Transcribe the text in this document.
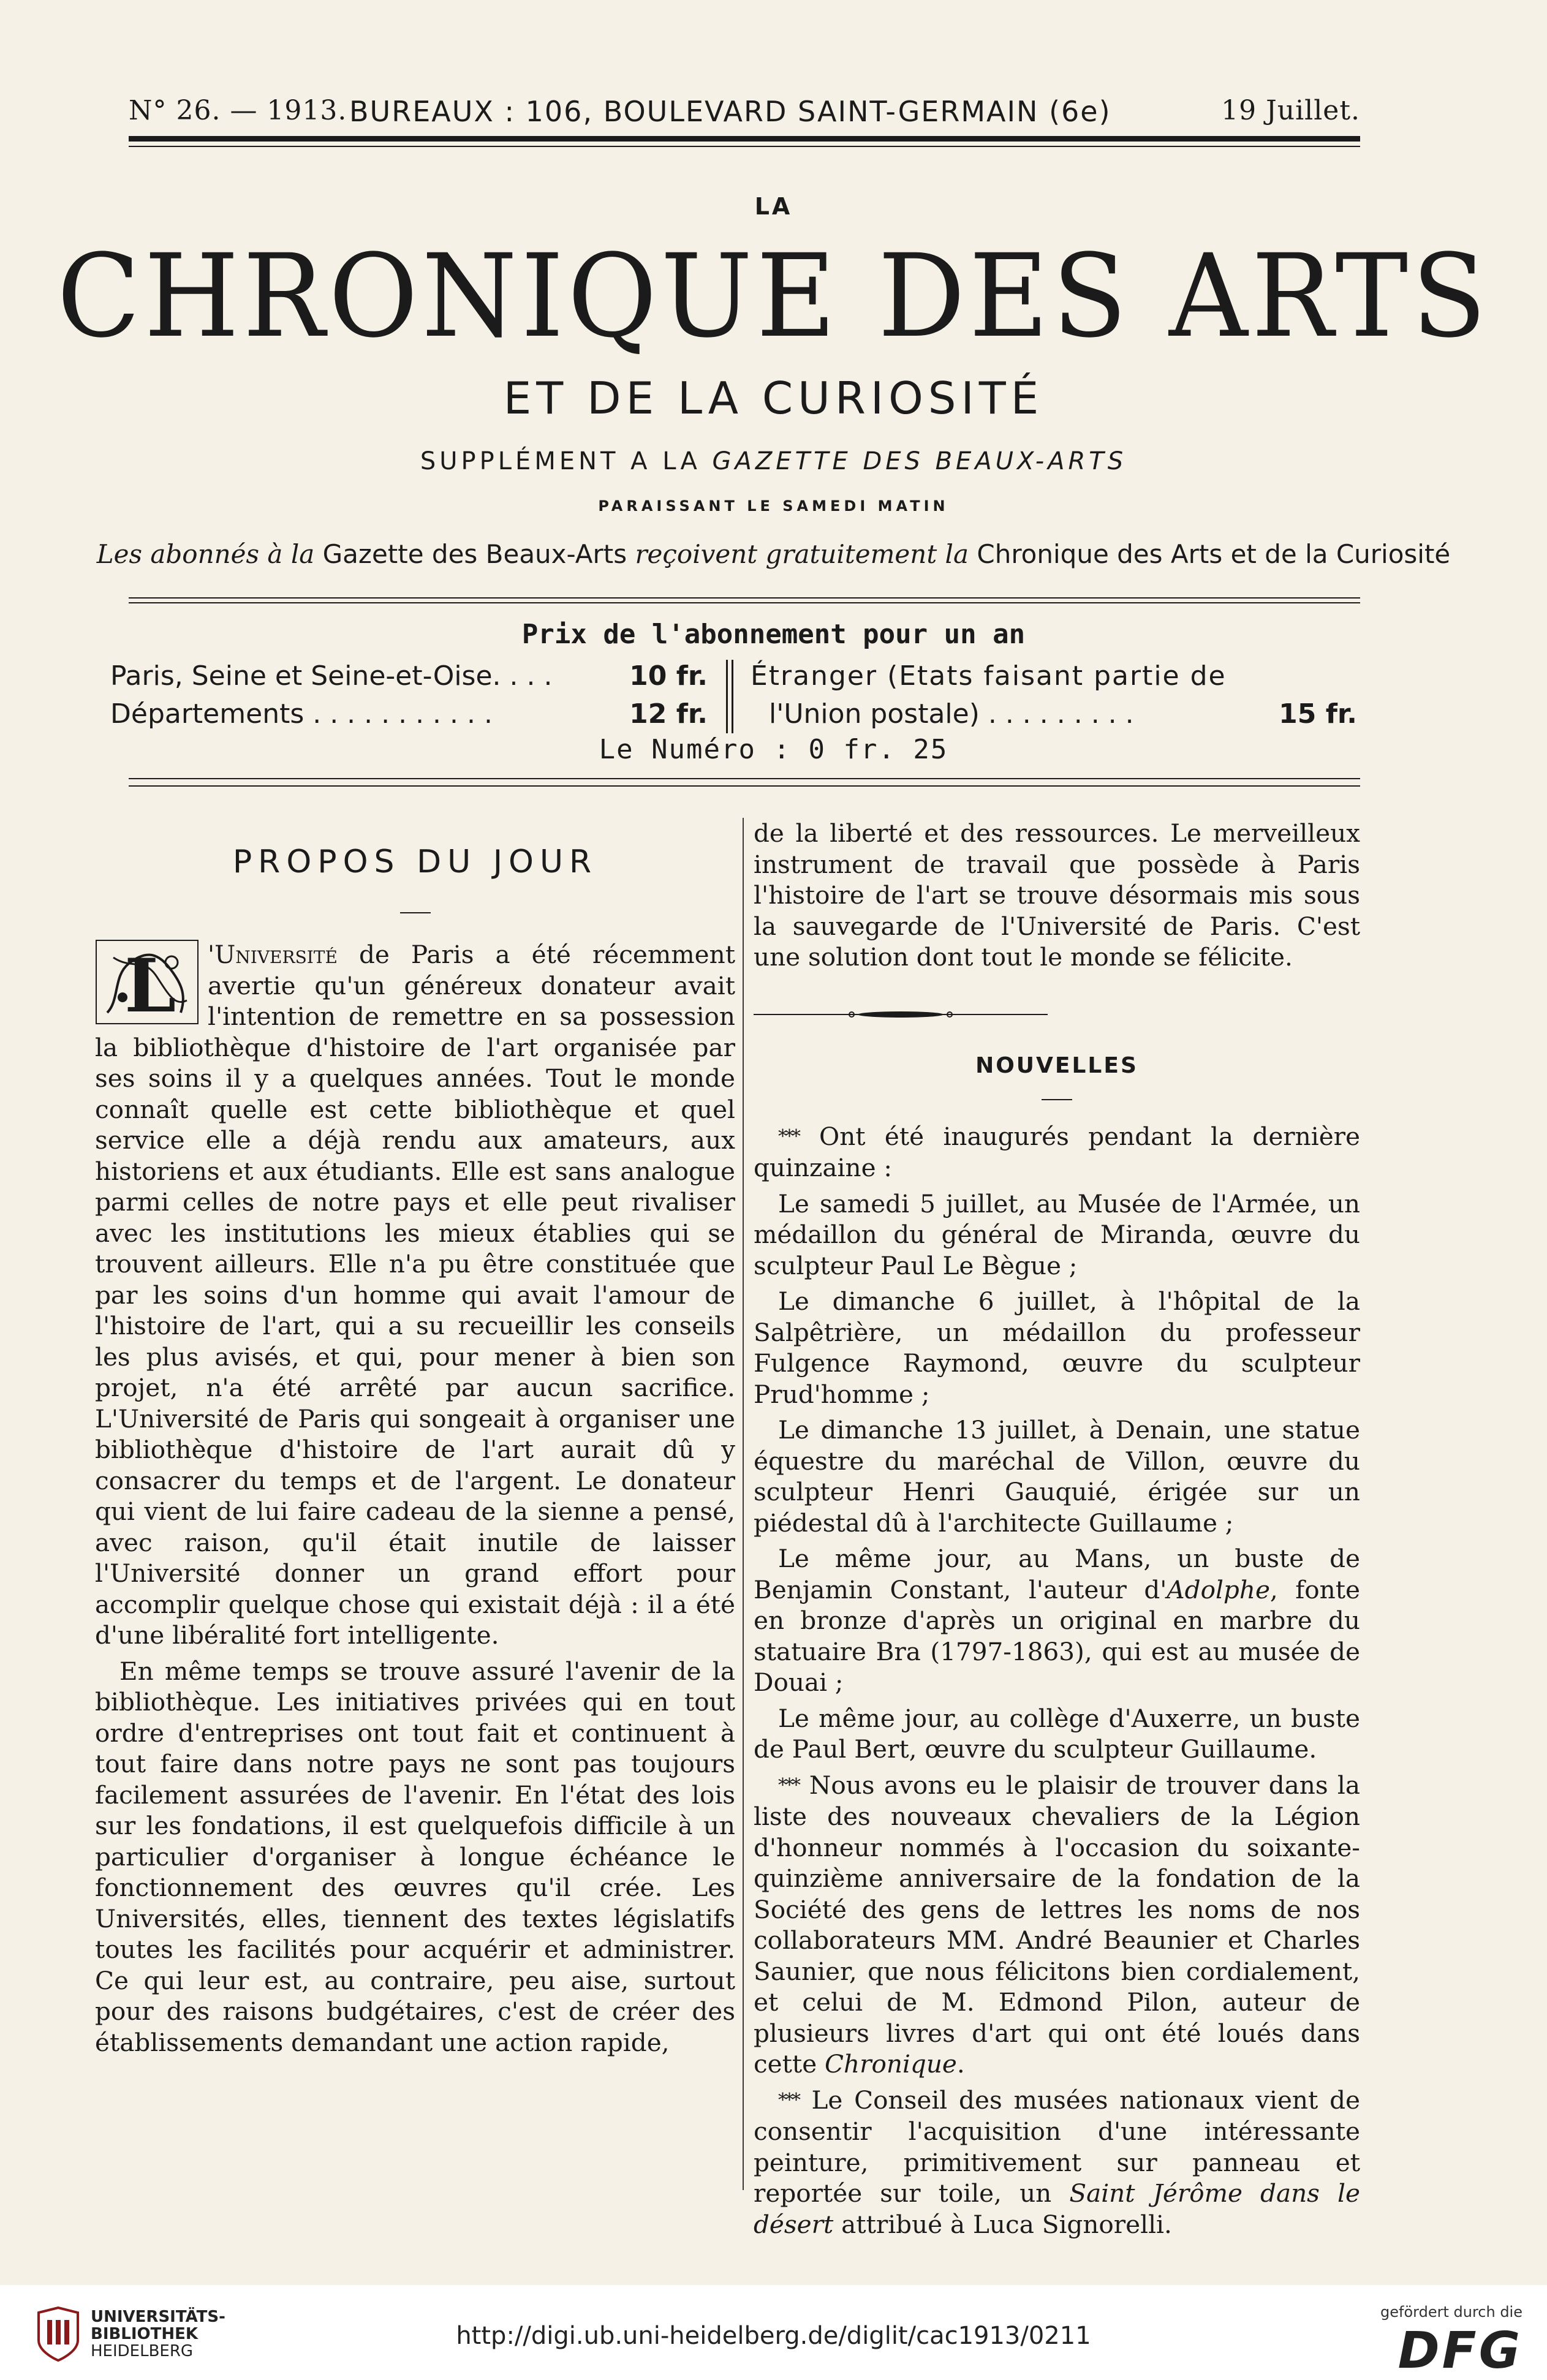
N° 26. — 1913. BUREAUX : 106, BOULEVARD SAINT-GERMAIN (6e)	19 Juillet.
LA
CHRONIQUE DES ARTS
ET DE LA CURIOSITÉ
SUPPLÉMENT A LA GAZETTE DES BEAUX-ARTS
PARAISSANT LE SAMEDI MATIN
Les abonnés à la Gazette des Beaux-Arts reçoivent gratuitement la Chronique des Arts et de la Curiosité
Prix de l'abonnement pour un an
Paris, Seine et Seine-et-Oise. . . .	10 fr.
Départements . . . . . . . . . . .	12 fr.
Étranger (Etats faisant partie de
l'Union postale) . . . . . . . . .	15 fr.
Le Numéro : 0 fr. 25
PROPOS DU JOUR

L 'Université de Paris a été récemment avertie qu'un généreux donateur avait l'intention de remettre en sa possession la bibliothèque d'histoire de l'art organisée par ses soins il y a quelques années. Tout le monde connaît quelle est cette bibliothèque et quel service elle a déjà rendu aux amateurs, aux historiens et aux étudiants. Elle est sans analogue parmi celles de notre pays et elle peut rivaliser avec les institutions les mieux établies qui se trouvent ailleurs. Elle n'a pu être constituée que par les soins d'un homme qui avait l'amour de l'histoire de l'art, qui a su recueillir les conseils les plus avisés, et qui, pour mener à bien son projet, n'a été arrêté par aucun sacrifice. L'Université de Paris qui songeait à organiser une bibliothèque d'histoire de l'art aurait dû y consacrer du temps et de l'argent. Le donateur qui vient de lui faire cadeau de la sienne a pensé, avec raison, qu'il était inutile de laisser l'Université donner un grand effort pour accomplir quelque chose qui existait déjà : il a été d'une libéralité fort intelligente.

En même temps se trouve assuré l'avenir de la bibliothèque. Les initiatives privées qui en tout ordre d'entreprises ont tout fait et continuent à tout faire dans notre pays ne sont pas toujours facilement assurées de l'avenir. En l'état des lois sur les fondations, il est quelquefois difficile à un particulier d'organiser à longue échéance le fonctionnement des œuvres qu'il crée. Les Universités, elles, tiennent des textes législatifs toutes les facilités pour acquérir et administrer. Ce qui leur est, au contraire, peu aise, surtout pour des raisons budgétaires, c'est de créer des établissements demandant une action rapide,

de la liberté et des ressources. Le merveilleux instrument de travail que possède à Paris l'histoire de l'art se trouve désormais mis sous la sauvegarde de l'Université de Paris. C'est une solution dont tout le monde se félicite.

NOUVELLES

*** Ont été inaugurés pendant la dernière quinzaine :

Le samedi 5 juillet, au Musée de l'Armée, un médaillon du général de Miranda, œuvre du sculpteur Paul Le Bègue ;

Le dimanche 6 juillet, à l'hôpital de la Salpêtrière, un médaillon du professeur Fulgence Raymond, œuvre du sculpteur Prud'homme ;

Le dimanche 13 juillet, à Denain, une statue équestre du maréchal de Villon, œuvre du sculpteur Henri Gauquié, érigée sur un piédestal dû à l'architecte Guillaume ;

Le même jour, au Mans, un buste de Benjamin Constant, l'auteur d'Adolphe, fonte en bronze d'après un original en marbre du statuaire Bra (1797-1863), qui est au musée de Douai ;

Le même jour, au collège d'Auxerre, un buste de Paul Bert, œuvre du sculpteur Guillaume.

*** Nous avons eu le plaisir de trouver dans la liste des nouveaux chevaliers de la Légion d'honneur nommés à l'occasion du soixante-quinzième anniversaire de la fondation de la Société des gens de lettres les noms de nos collaborateurs MM. André Beaunier et Charles Saunier, que nous félicitons bien cordialement, et celui de M. Edmond Pilon, auteur de plusieurs livres d'art qui ont été loués dans cette Chronique.

*** Le Conseil des musées nationaux vient de consentir l'acquisition d'une intéressante peinture, primitivement sur panneau et reportée sur toile, un Saint Jérôme dans le désert attribué à Luca Signorelli.

UNIVERSITÄTS-
BIBLIOTHEK
HEIDELBERG
http://digi.ub.uni-heidelberg.de/diglit/cac1913/0211
gefördert durch die
DFG
